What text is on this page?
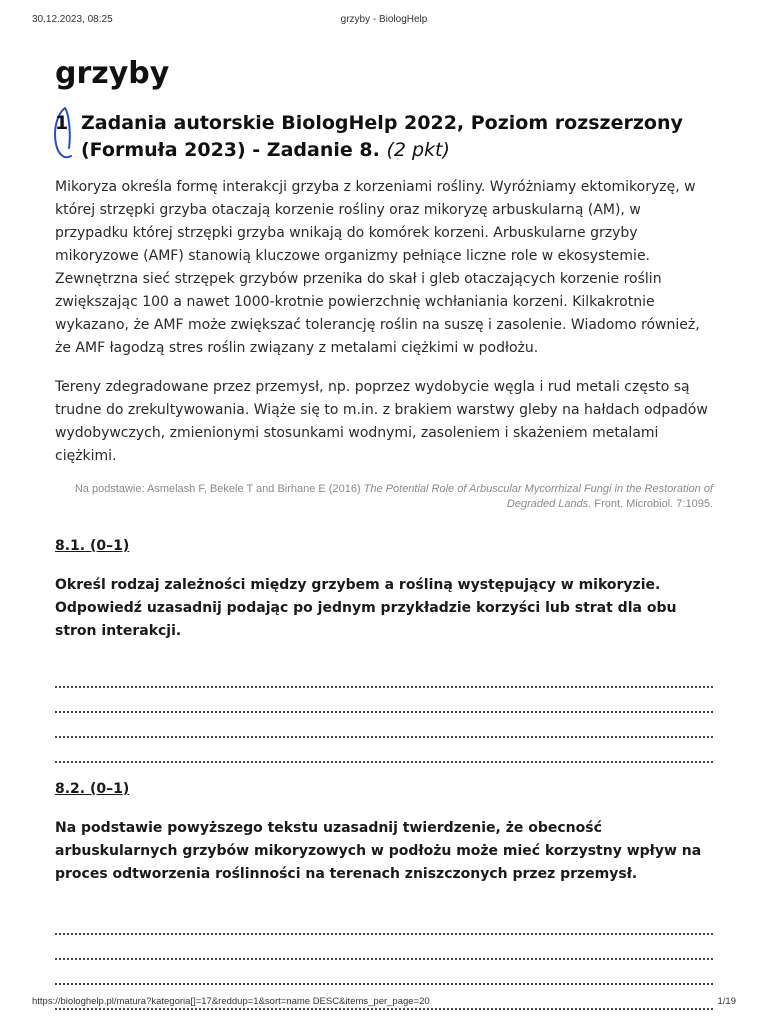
30.12.2023, 08:25	grzyby - BiologHelp
grzyby
1 Zadania autorskie BiologHelp 2022, Poziom rozszerzony (Formuła 2023) - Zadanie 8. (2 pkt)

Mikoryza określa formę interakcji grzyba z korzeniami rośliny. Wyróżniamy ektomikoryzę, w której strzępki grzyba otaczają korzenie rośliny oraz mikoryzę arbuskularną (AM), w przypadku której strzępki grzyba wnikają do komórek korzeni. Arbuskularne grzyby mikoryzowe (AMF) stanowią kluczowe organizmy pełniące liczne role w ekosystemie. Zewnętrzna sieć strzępek grzybów przenika do skał i gleb otaczających korzenie roślin zwiększając 100 a nawet 1000-krotnie powierzchnię wchłaniania korzeni. Kilkakrotnie wykazano, że AMF może zwiększać tolerancję roślin na suszę i zasolenie. Wiadomo również, że AMF łagodzą stres roślin związany z metalami ciężkimi w podłożu.

Tereny zdegradowane przez przemysł, np. poprzez wydobycie węgla i rud metali często są trudne do zrekultywowania. Wiąże się to m.in. z brakiem warstwy gleby na hałdach odpadów wydobywczych, zmienionymi stosunkami wodnymi, zasoleniem i skażeniem metalami ciężkimi.

Na podstawie: Asmelash F, Bekele T and Birhane E (2016) The Potential Role of Arbuscular Mycorrhizal Fungi in the Restoration of Degraded Lands. Front. Microbiol. 7:1095.
8.1. (0–1)
Określ rodzaj zależności między grzybem a rośliną występujący w mikoryzie. Odpowiedź uzasadnij podając po jednym przykładzie korzyści lub strat dla obu stron interakcji.
8.2. (0–1)
Na podstawie powyższego tekstu uzasadnij twierdzenie, że obecność arbuskularnych grzybów mikoryzowych w podłożu może mieć korzystny wpływ na proces odtworzenia roślinności na terenach zniszczonych przez przemysł.
https://biologhelp.pl/matura?kategoria[]=17&reddup=1&sort=name DESC&items_per_page=20	1/19
